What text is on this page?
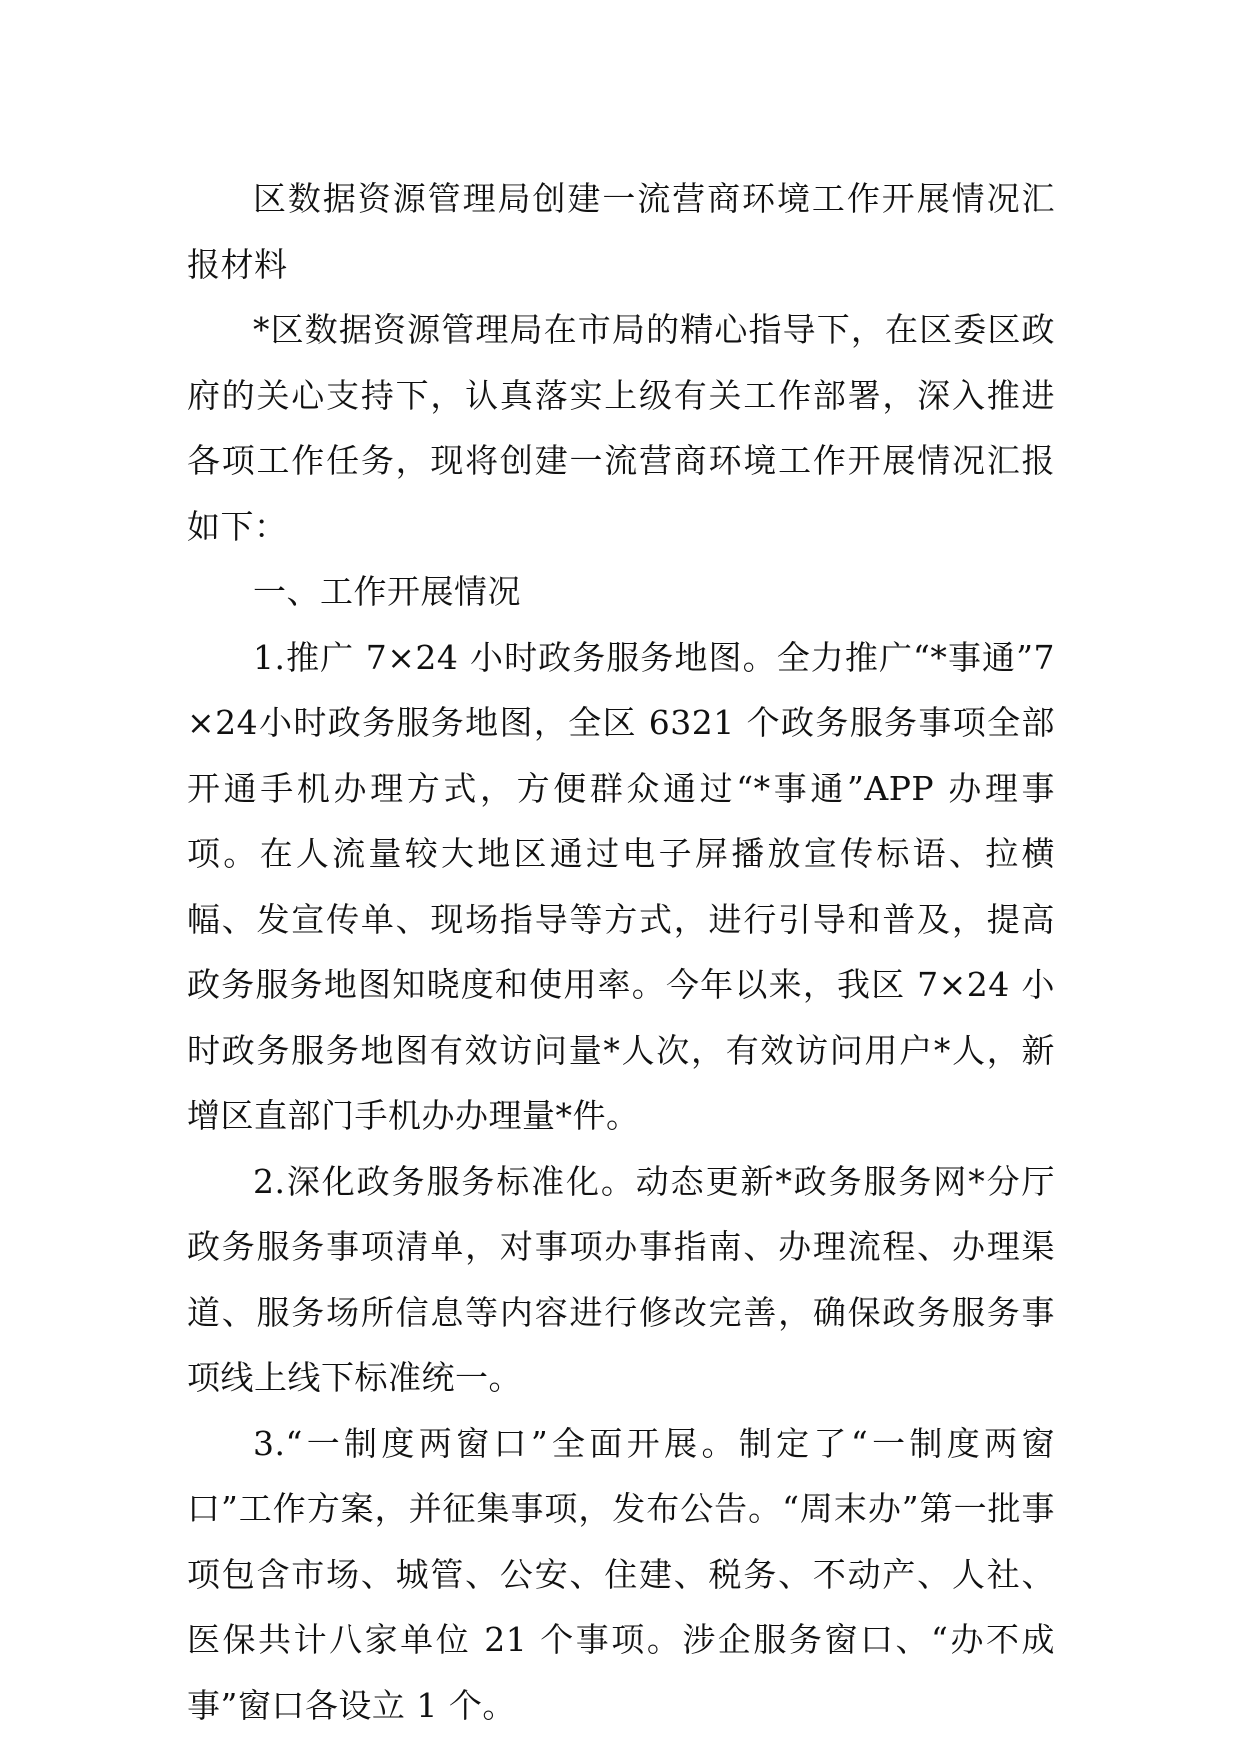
区数据资源管理局创建一流营商环境工作开展情况汇报材料

*区数据资源管理局在市局的精心指导下，在区委区政府的关心支持下，认真落实上级有关工作部署，深入推进各项工作任务，现将创建一流营商环境工作开展情况汇报如下：

一、工作开展情况

1.推广 7×24 小时政务服务地图。全力推广“*事通”7×24小时政务服务地图，全区 6321 个政务服务事项全部开通手机办理方式，方便群众通过“*事通”APP 办理事项。在人流量较大地区通过电子屏播放宣传标语、拉横幅、发宣传单、现场指导等方式，进行引导和普及，提高政务服务地图知晓度和使用率。今年以来，我区 7×24 小时政务服务地图有效访问量*人次，有效访问用户*人，新增区直部门手机办办理量*件。

2.深化政务服务标准化。动态更新*政务服务网*分厅政务服务事项清单，对事项办事指南、办理流程、办理渠道、服务场所信息等内容进行修改完善，确保政务服务事项线上线下标准统一。

3.“一制度两窗口”全面开展。制定了“一制度两窗口”工作方案，并征集事项，发布公告。“周末办”第一批事项包含市场、城管、公安、住建、税务、不动产、人社、医保共计八家单位 21 个事项。涉企服务窗口、“办不成事”窗口各设立 1 个。
